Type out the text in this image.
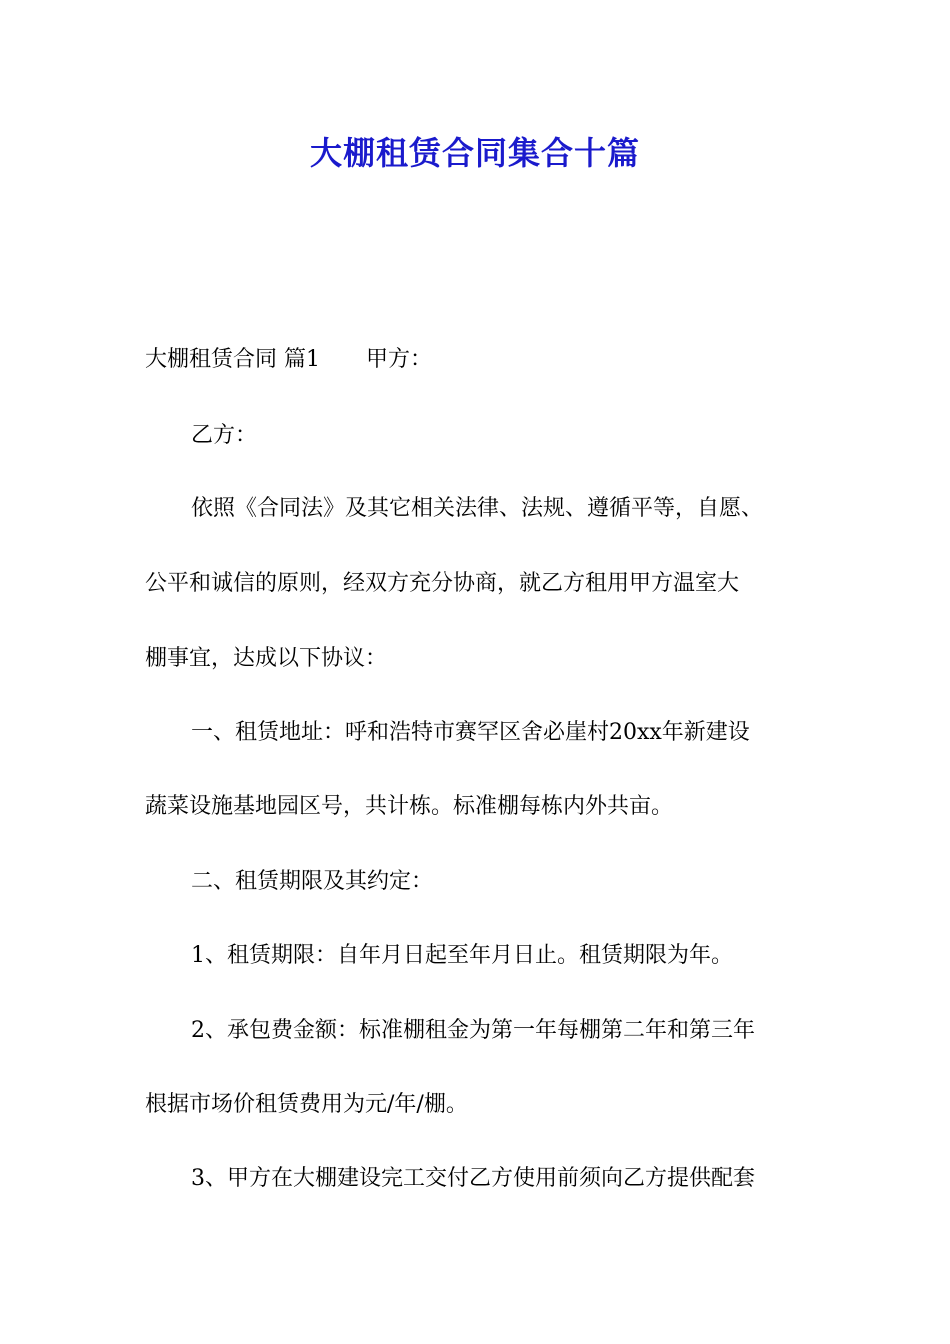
大棚租赁合同集合十篇
大棚租赁合同 篇1 甲方：
乙方：
依照《合同法》及其它相关法律、法规、遵循平等，自愿、
公平和诚信的原则，经双方充分协商，就乙方租用甲方温室大
棚事宜，达成以下协议：
一、租赁地址：呼和浩特市赛罕区舍必崖村20xx年新建设
蔬菜设施基地园区号，共计栋。标准棚每栋内外共亩。
二、租赁期限及其约定：
1、租赁期限：自年月日起至年月日止。租赁期限为年。
2、承包费金额：标准棚租金为第一年每棚第二年和第三年
根据市场价租赁费用为元/年/棚。
3、甲方在大棚建设完工交付乙方使用前须向乙方提供配套
